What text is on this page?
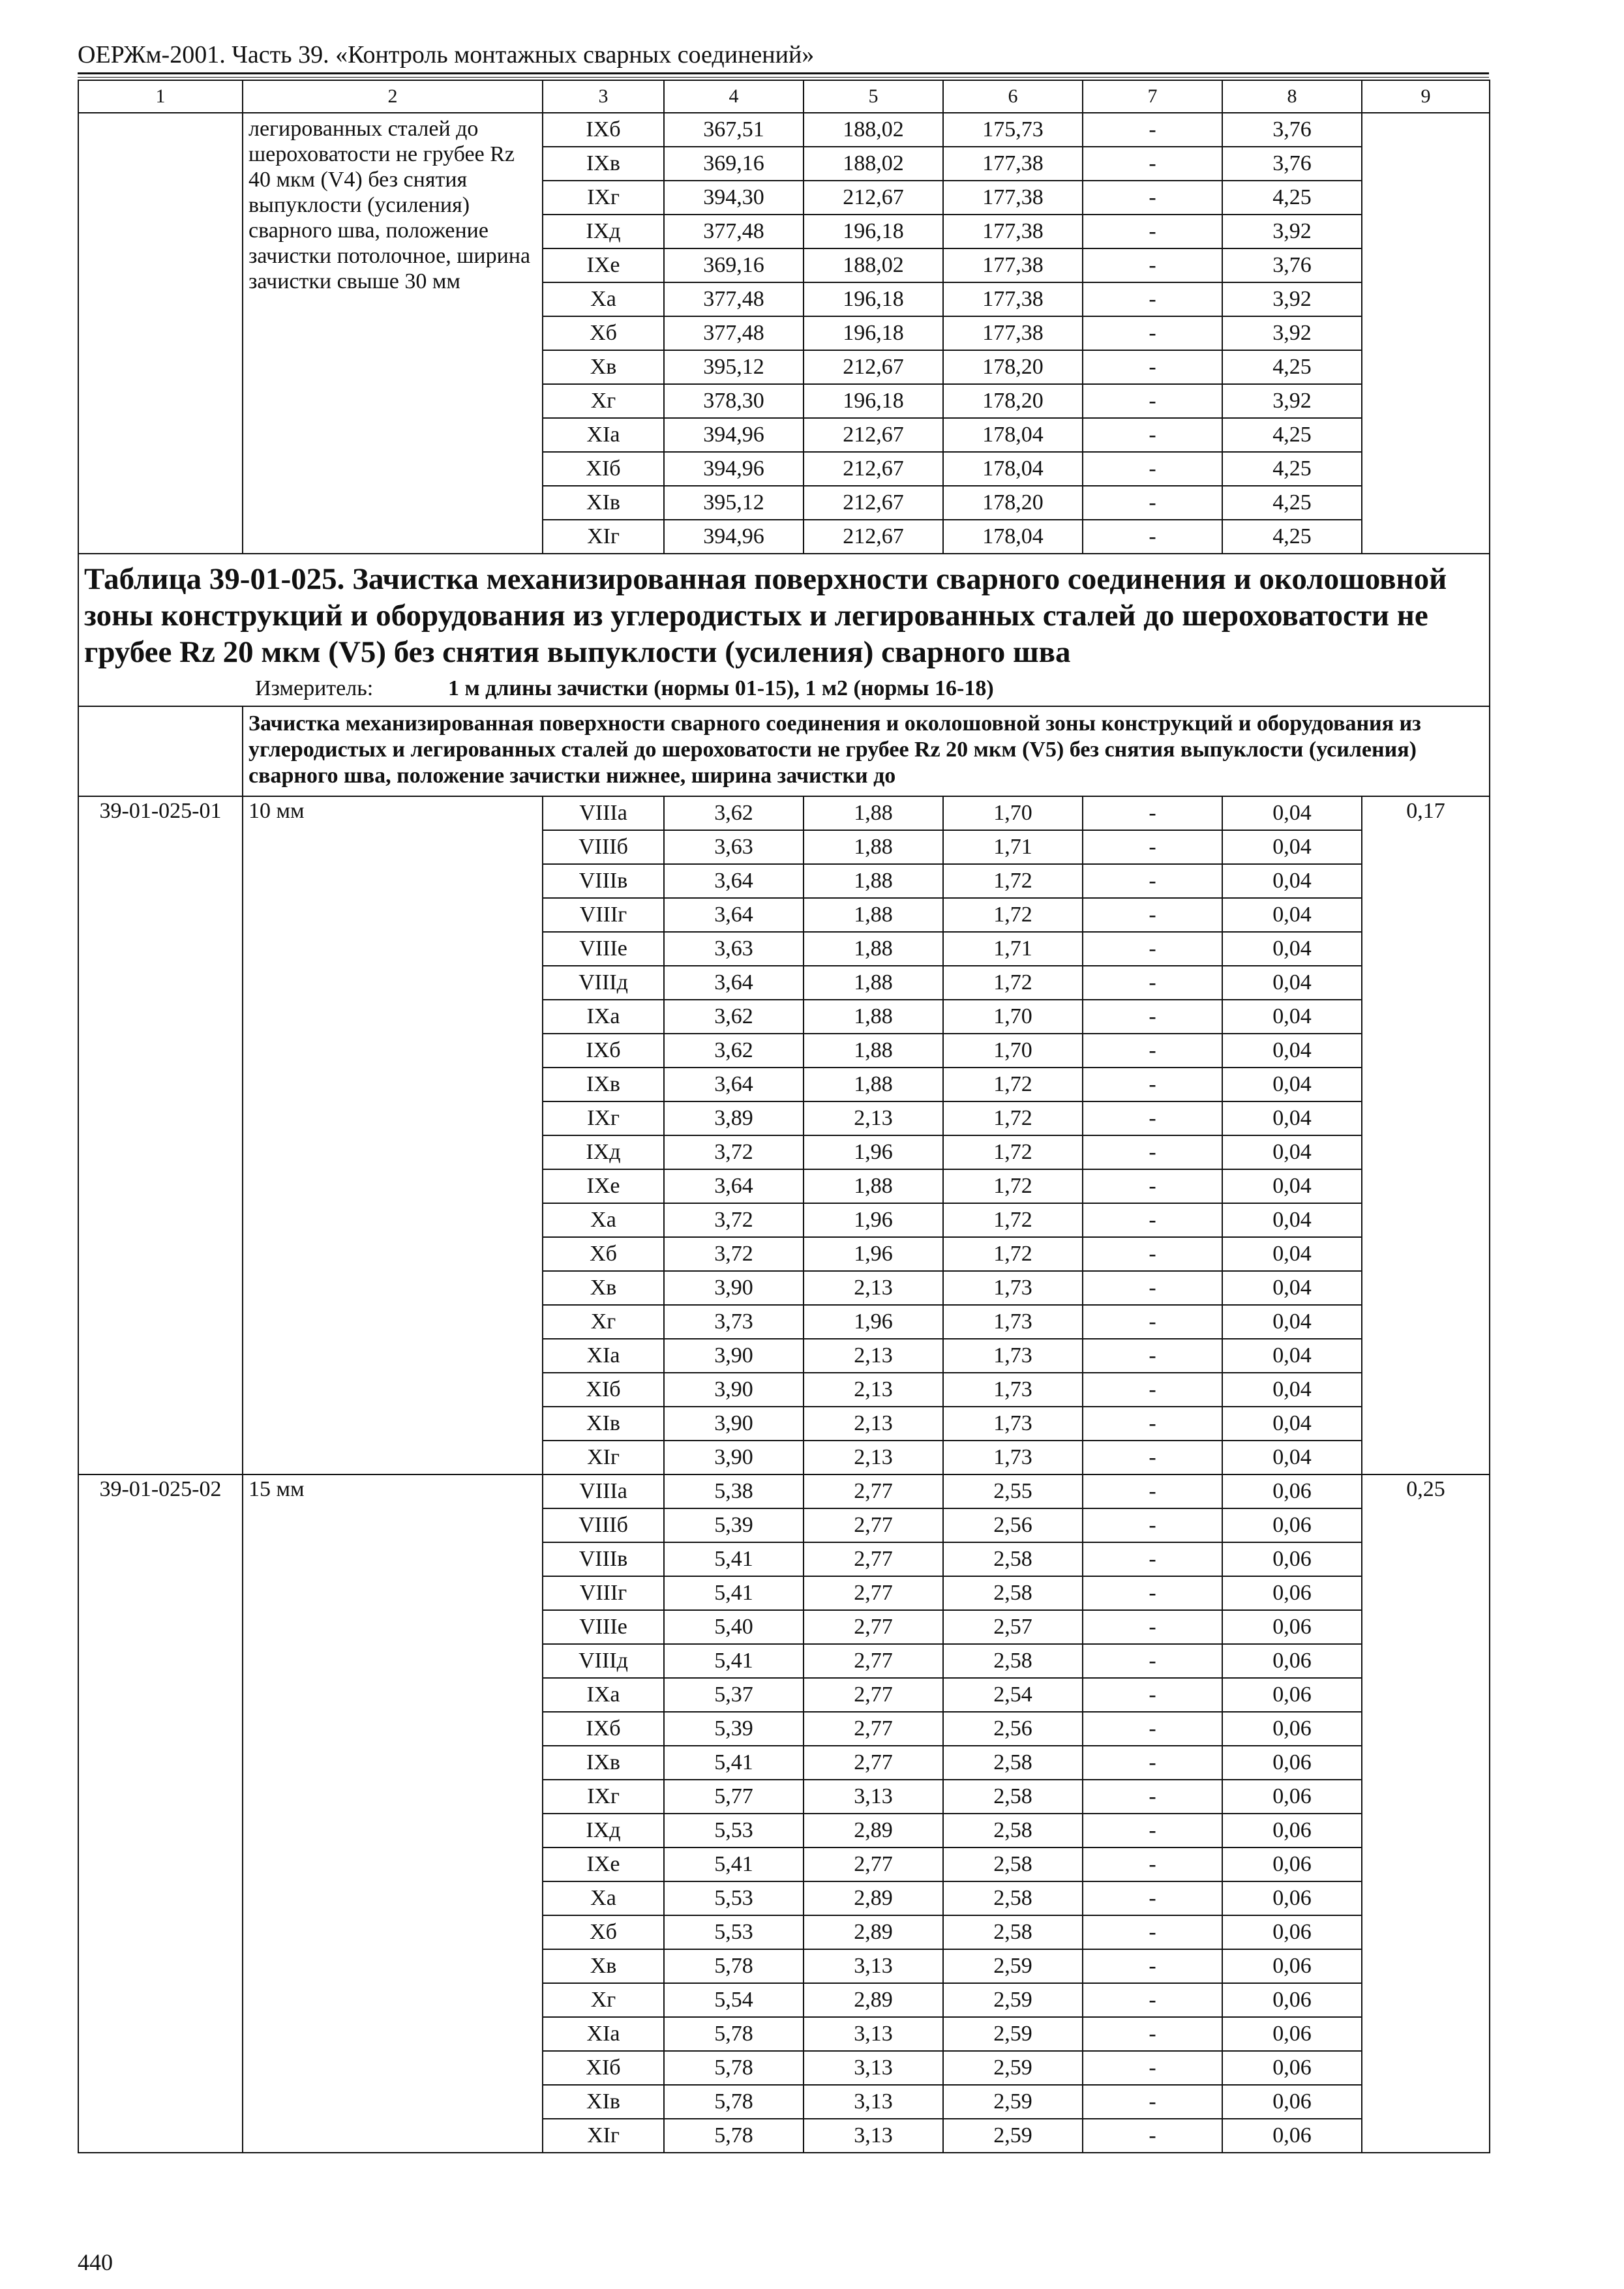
ОЕРЖм-2001. Часть 39. «Контроль монтажных сварных соединений»
1	2	3	4	5	6	7	8	9
	легированных сталей до шероховатости не грубее Rz 40 мкм (V4) без снятия выпуклости (усиления) сварного шва, положение зачистки потолочное, ширина зачистки свыше 30 мм	IXб	367,51	188,02	175,73	-	3,76	
		IXв	369,16	188,02	177,38	-	3,76	
		IXг	394,30	212,67	177,38	-	4,25	
		IXд	377,48	196,18	177,38	-	3,92	
		IXе	369,16	188,02	177,38	-	3,76	
		Xа	377,48	196,18	177,38	-	3,92	
		Xб	377,48	196,18	177,38	-	3,92	
		Xв	395,12	212,67	178,20	-	4,25	
		Xг	378,30	196,18	178,20	-	3,92	
		XIа	394,96	212,67	178,04	-	4,25	
		XIб	394,96	212,67	178,04	-	4,25	
		XIв	395,12	212,67	178,20	-	4,25	
		XIг	394,96	212,67	178,04	-	4,25	

Таблица 39-01-025. Зачистка механизированная поверхности сварного соединения и околошовной зоны конструкций и оборудования из углеродистых и легированных сталей до шероховатости не грубее Rz 20 мкм (V5) без снятия выпуклости (усиления) сварного шва
Измеритель: 1 м длины зачистки (нормы 01-15), 1 м2 (нормы 16-18)								

	Зачистка механизированная поверхности сварного соединения и околошовной зоны конструкций и оборудования из углеродистых и легированных сталей до шероховатости не грубее Rz 20 мкм (V5) без снятия выпуклости (усиления) сварного шва, положение зачистки нижнее, ширина зачистки до							
39-01-025-01	10 мм	VIIIа	3,62	1,88	1,70	-	0,04	0,17
		VIIIб	3,63	1,88	1,71	-	0,04	
		VIIIв	3,64	1,88	1,72	-	0,04	
		VIIIг	3,64	1,88	1,72	-	0,04	
		VIIIе	3,63	1,88	1,71	-	0,04	
		VIIIд	3,64	1,88	1,72	-	0,04	
		IXа	3,62	1,88	1,70	-	0,04	
		IXб	3,62	1,88	1,70	-	0,04	
		IXв	3,64	1,88	1,72	-	0,04	
		IXг	3,89	2,13	1,72	-	0,04	
		IXд	3,72	1,96	1,72	-	0,04	
		IXе	3,64	1,88	1,72	-	0,04	
		Xа	3,72	1,96	1,72	-	0,04	
		Xб	3,72	1,96	1,72	-	0,04	
		Xв	3,90	2,13	1,73	-	0,04	
		Xг	3,73	1,96	1,73	-	0,04	
		XIа	3,90	2,13	1,73	-	0,04	
		XIб	3,90	2,13	1,73	-	0,04	
		XIв	3,90	2,13	1,73	-	0,04	
		XIг	3,90	2,13	1,73	-	0,04	
39-01-025-02	15 мм	VIIIа	5,38	2,77	2,55	-	0,06	0,25
		VIIIб	5,39	2,77	2,56	-	0,06	
		VIIIв	5,41	2,77	2,58	-	0,06	
		VIIIг	5,41	2,77	2,58	-	0,06	
		VIIIе	5,40	2,77	2,57	-	0,06	
		VIIIд	5,41	2,77	2,58	-	0,06	
		IXа	5,37	2,77	2,54	-	0,06	
		IXб	5,39	2,77	2,56	-	0,06	
		IXв	5,41	2,77	2,58	-	0,06	
		IXг	5,77	3,13	2,58	-	0,06	
		IXд	5,53	2,89	2,58	-	0,06	
		IXе	5,41	2,77	2,58	-	0,06	
		Xа	5,53	2,89	2,58	-	0,06	
		Xб	5,53	2,89	2,58	-	0,06	
		Xв	5,78	3,13	2,59	-	0,06	
		Xг	5,54	2,89	2,59	-	0,06	
		XIа	5,78	3,13	2,59	-	0,06	
		XIб	5,78	3,13	2,59	-	0,06	
		XIв	5,78	3,13	2,59	-	0,06	
		XIг	5,78	3,13	2,59	-	0,06	
440
